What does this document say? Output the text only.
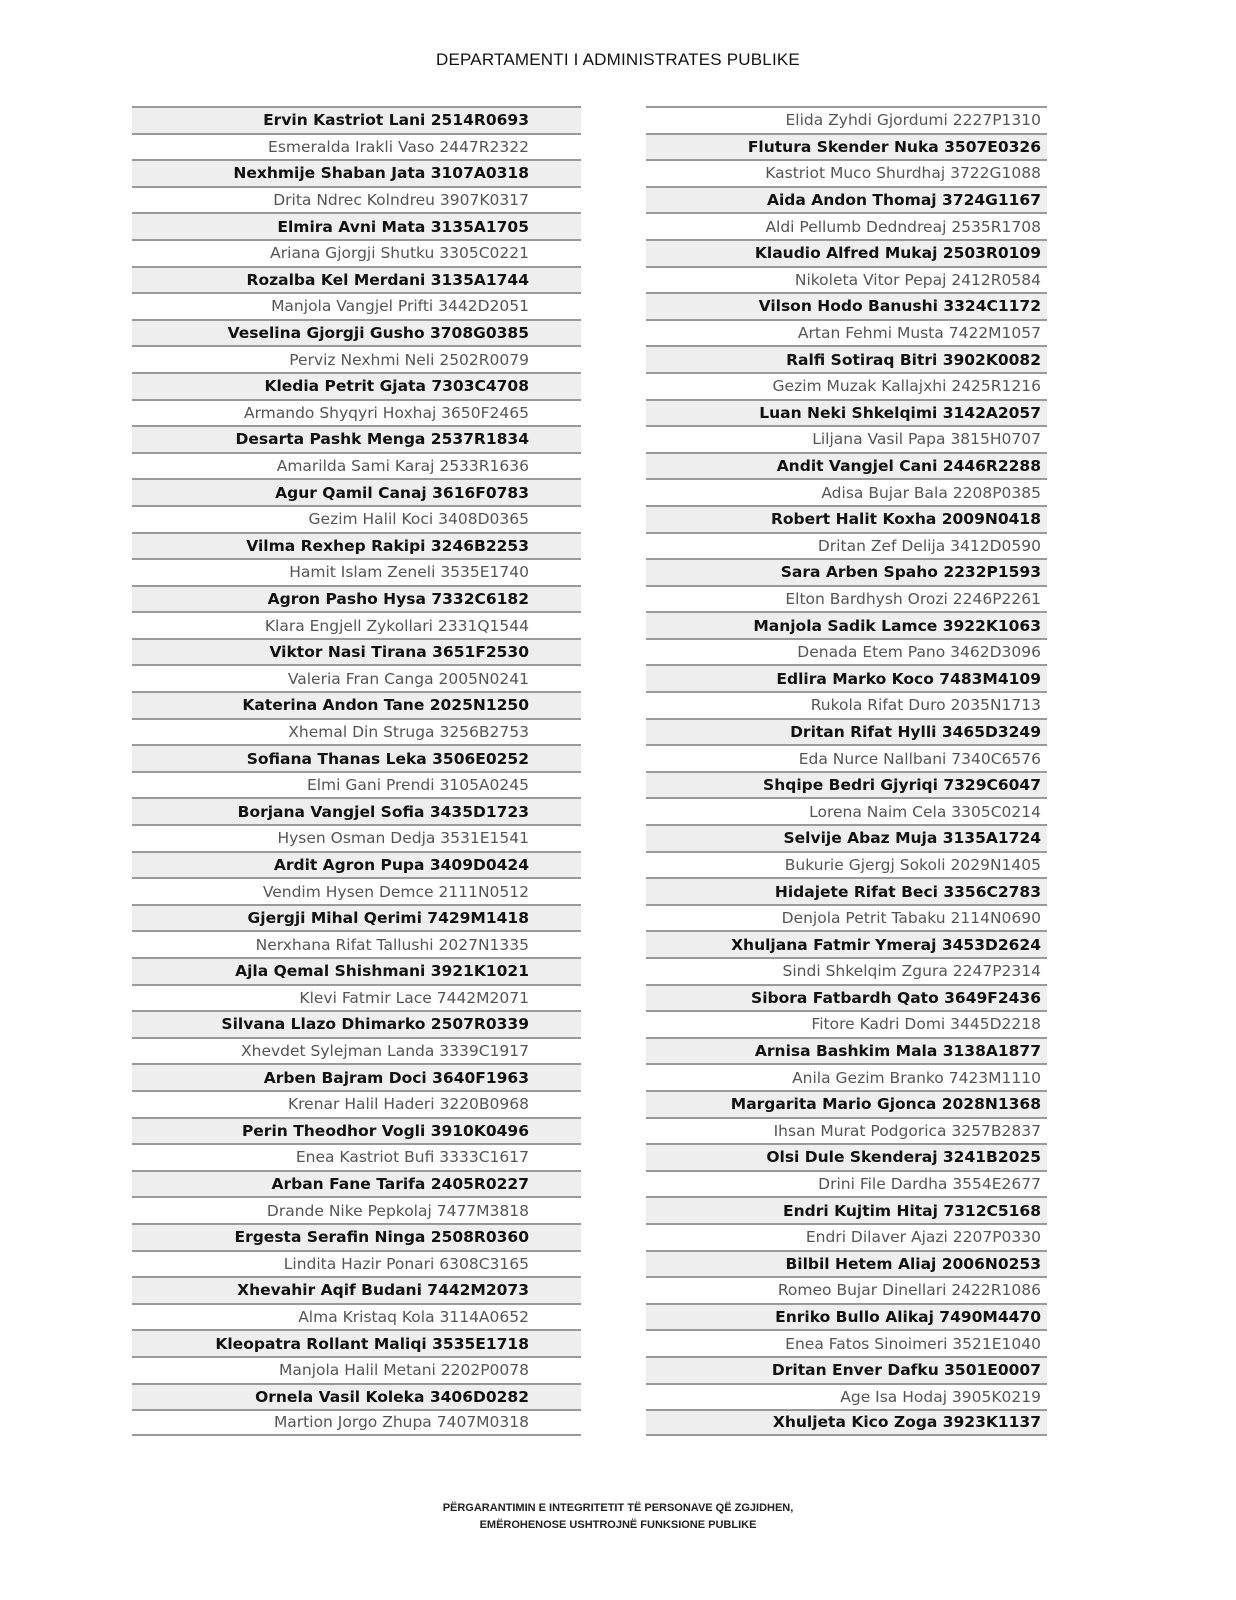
DEPARTAMENTI I ADMINISTRATES PUBLIKE
Ervin Kastriot Lani 2514R0693
Esmeralda Irakli Vaso 2447R2322
Nexhmije Shaban Jata 3107A0318
Drita Ndrec Kolndreu 3907K0317
Elmira Avni Mata 3135A1705
Ariana Gjorgji Shutku 3305C0221
Rozalba Kel Merdani 3135A1744
Manjola Vangjel Prifti 3442D2051
Veselina Gjorgji Gusho 3708G0385
Perviz Nexhmi Neli 2502R0079
Kledia Petrit Gjata 7303C4708
Armando Shyqyri Hoxhaj 3650F2465
Desarta Pashk Menga 2537R1834
Amarilda Sami Karaj 2533R1636
Agur Qamil Canaj 3616F0783
Gezim Halil Koci 3408D0365
Vilma Rexhep Rakipi 3246B2253
Hamit Islam Zeneli 3535E1740
Agron Pasho Hysa 7332C6182
Klara Engjell Zykollari 2331Q1544
Viktor Nasi Tirana 3651F2530
Valeria Fran Canga 2005N0241
Katerina Andon Tane 2025N1250
Xhemal Din Struga 3256B2753
Sofiana Thanas Leka 3506E0252
Elmi Gani Prendi 3105A0245
Borjana Vangjel Sofia 3435D1723
Hysen Osman Dedja 3531E1541
Ardit Agron Pupa 3409D0424
Vendim Hysen Demce 2111N0512
Gjergji Mihal Qerimi 7429M1418
Nerxhana Rifat Tallushi 2027N1335
Ajla Qemal Shishmani 3921K1021
Klevi Fatmir Lace 7442M2071
Silvana Llazo Dhimarko 2507R0339
Xhevdet Sylejman Landa 3339C1917
Arben Bajram Doci 3640F1963
Krenar Halil Haderi 3220B0968
Perin Theodhor Vogli 3910K0496
Enea Kastriot Bufi 3333C1617
Arban Fane Tarifa 2405R0227
Drande Nike Pepkolaj 7477M3818
Ergesta Serafin Ninga 2508R0360
Lindita Hazir Ponari 6308C3165
Xhevahir Aqif Budani 7442M2073
Alma Kristaq Kola 3114A0652
Kleopatra Rollant Maliqi 3535E1718
Manjola Halil Metani 2202P0078
Ornela Vasil Koleka 3406D0282
Martion Jorgo Zhupa 7407M0318
Elida Zyhdi Gjordumi 2227P1310
Flutura Skender Nuka 3507E0326
Kastriot Muco Shurdhaj 3722G1088
Aida Andon Thomaj 3724G1167
Aldi Pellumb Dedndreaj 2535R1708
Klaudio Alfred Mukaj 2503R0109
Nikoleta Vitor Pepaj 2412R0584
Vilson Hodo Banushi 3324C1172
Artan Fehmi Musta 7422M1057
Ralfi Sotiraq Bitri 3902K0082
Gezim Muzak Kallajxhi 2425R1216
Luan Neki Shkelqimi 3142A2057
Liljana Vasil Papa 3815H0707
Andit Vangjel Cani 2446R2288
Adisa Bujar Bala 2208P0385
Robert Halit Koxha 2009N0418
Dritan Zef Delija 3412D0590
Sara Arben Spaho 2232P1593
Elton Bardhysh Orozi 2246P2261
Manjola Sadik Lamce 3922K1063
Denada Etem Pano 3462D3096
Edlira Marko Koco 7483M4109
Rukola Rifat Duro 2035N1713
Dritan Rifat Hylli 3465D3249
Eda Nurce Nallbani 7340C6576
Shqipe Bedri Gjyriqi 7329C6047
Lorena Naim Cela 3305C0214
Selvije Abaz Muja 3135A1724
Bukurie Gjergj Sokoli 2029N1405
Hidajete Rifat Beci 3356C2783
Denjola Petrit Tabaku 2114N0690
Xhuljana Fatmir Ymeraj 3453D2624
Sindi Shkelqim Zgura 2247P2314
Sibora Fatbardh Qato 3649F2436
Fitore Kadri Domi 3445D2218
Arnisa Bashkim Mala 3138A1877
Anila Gezim Branko 7423M1110
Margarita Mario Gjonca 2028N1368
Ihsan Murat Podgorica 3257B2837
Olsi Dule Skenderaj 3241B2025
Drini File Dardha 3554E2677
Endri Kujtim Hitaj 7312C5168
Endri Dilaver Ajazi 2207P0330
Bilbil Hetem Aliaj 2006N0253
Romeo Bujar Dinellari 2422R1086
Enriko Bullo Alikaj 7490M4470
Enea Fatos Sinoimeri 3521E1040
Dritan Enver Dafku 3501E0007
Age Isa Hodaj 3905K0219
Xhuljeta Kico Zoga 3923K1137
PËRGARANTIMIN E INTEGRITETIT TË PERSONAVE QË ZGJIDHEN,
EMËROHENOSE USHTROJNË FUNKSIONE PUBLIKE
